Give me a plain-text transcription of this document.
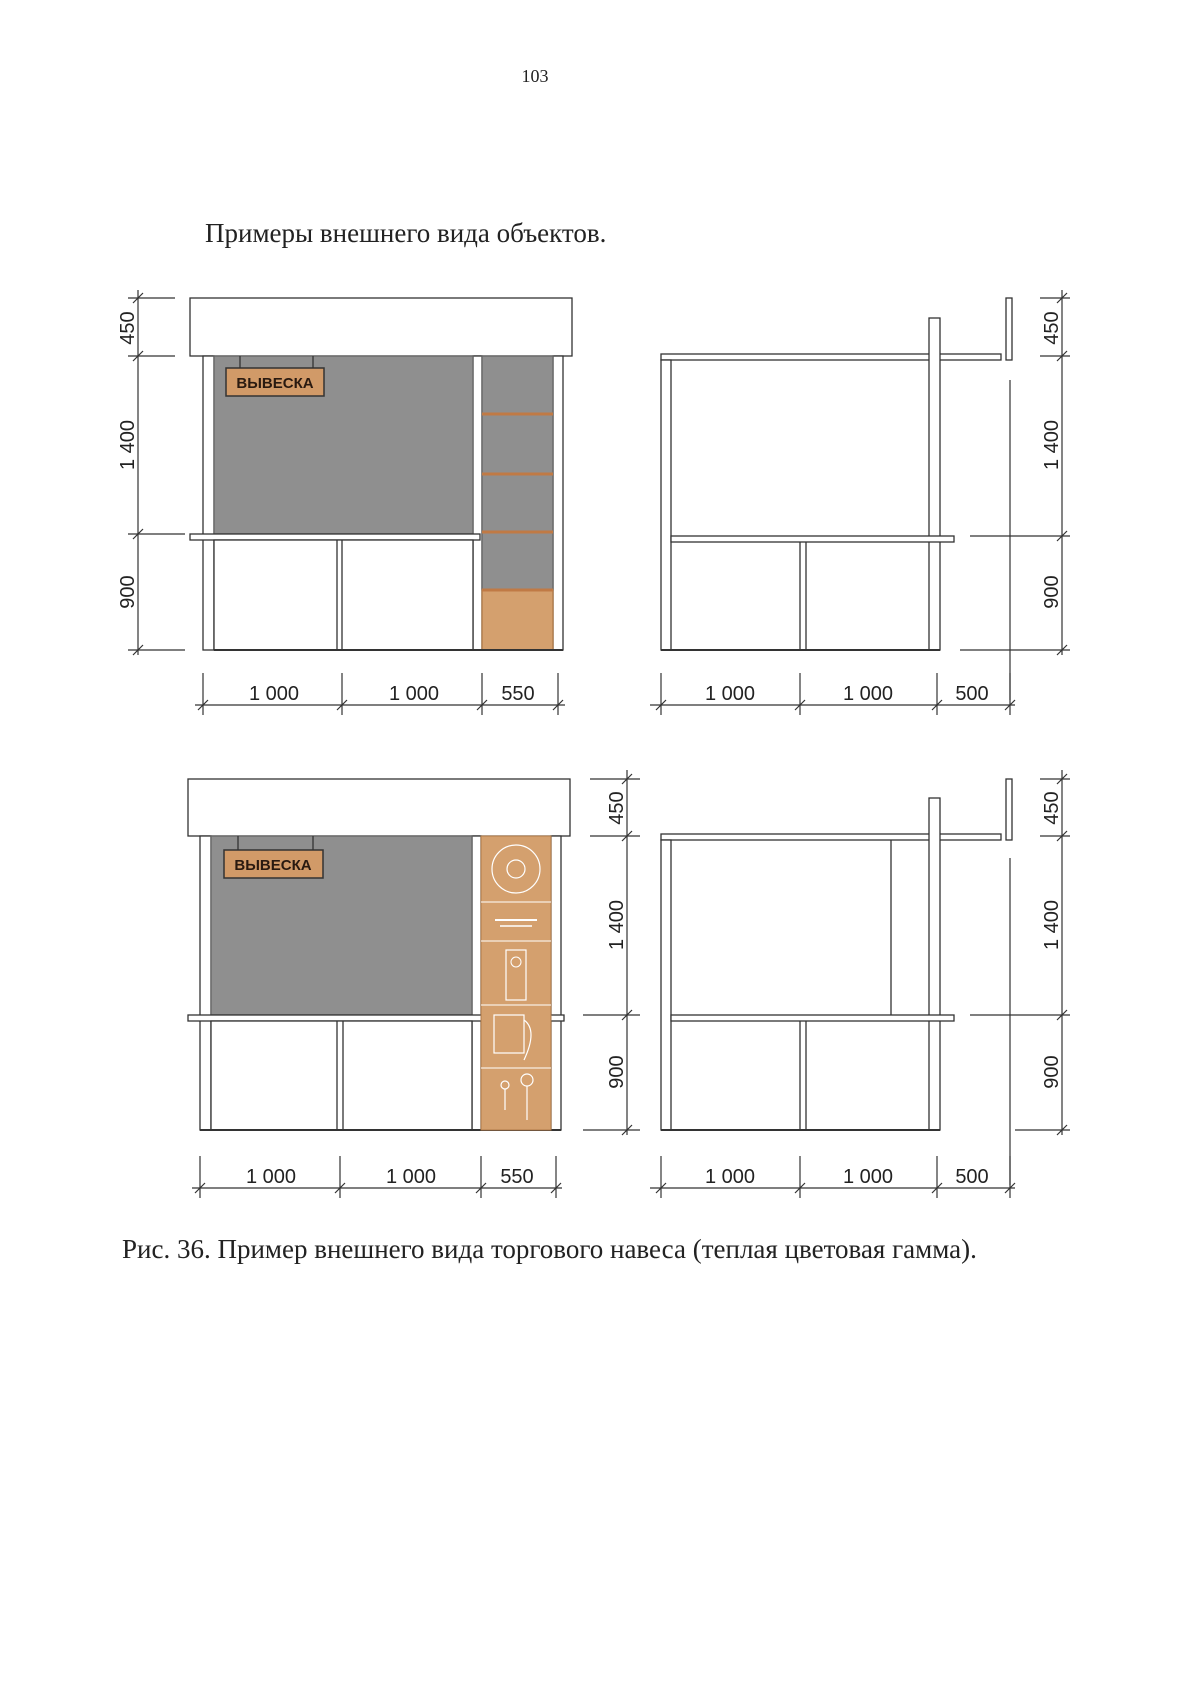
103
Примеры внешнего вида объектов.
ВЫВЕСКА
450
1 400
900
1 000	1 000	550
450
1 400
900
1 000	1 000	500
ВЫВЕСКА
450
1 400
900
1 000	1 000	550
450
1 400
900
1 000	1 000	500
Рис. 36. Пример внешнего вида торгового навеса (теплая цветовая гамма).
